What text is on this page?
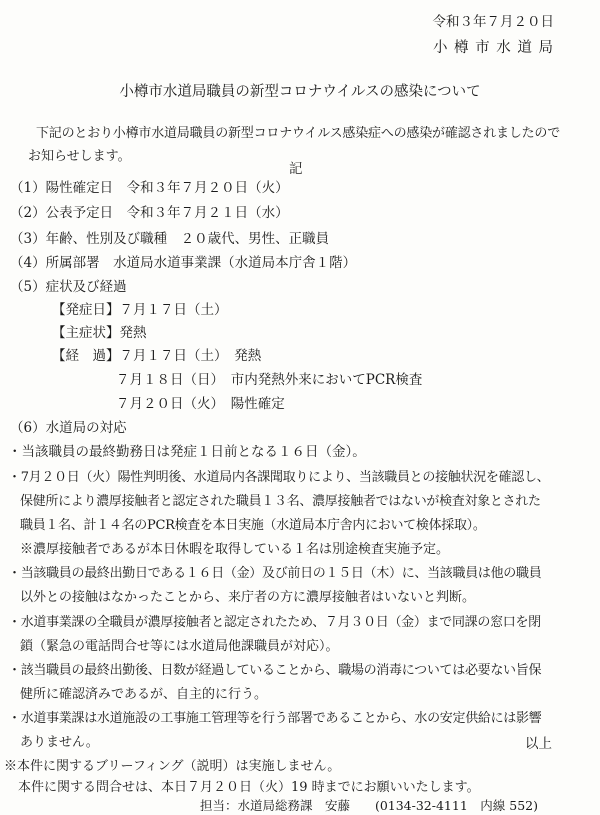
令和３年７月２０日
小 樽 市 水 道 局
小樽市水道局職員の新型コロナウイルスの感染について
下記のとおり小樽市水道局職員の新型コロナウイルス感染症への感染が確認されましたので
お知らせします。
記
（1）陽性確定日　令和３年７月２０日（火）
（2）公表予定日　令和３年７月２１日（水）
（3）年齢、性別及び職種　２０歳代、男性、正職員
（4）所属部署　水道局水道事業課（水道局本庁舎１階）
（5）症状及び経過
【発症日】７月１７日（土）
【主症状】発熱
【経　過】７月１７日（土）　発熱
７月１８日（日）　市内発熱外来においてPCR検査
７月２０日（火）　陽性確定
（6）水道局の対応
・当該職員の最終勤務日は発症１日前となる１６日（金）。
・7月２０日（火）陽性判明後、水道局内各課聞取りにより、当該職員との接触状況を確認し、
保健所により濃厚接触者と認定された職員１３名、濃厚接触者ではないが検査対象とされた
職員１名、計１４名のPCR検査を本日実施（水道局本庁舎内において検体採取）。
※濃厚接触者であるが本日休暇を取得している１名は別途検査実施予定。
・当該職員の最終出勤日である１６日（金）及び前日の１５日（木）に、当該職員は他の職員
以外との接触はなかったことから、来庁者の方に濃厚接触者はいないと判断。
・水道事業課の全職員が濃厚接触者と認定されたため、７月３０日（金）まで同課の窓口を閉
鎖（緊急の電話問合せ等には水道局他課職員が対応）。
・該当職員の最終出勤後、日数が経過していることから、職場の消毒については必要ない旨保
健所に確認済みであるが、自主的に行う。
・水道事業課は水道施設の工事施工管理等を行う部署であることから、水の安定供給には影響
ありません。	以上
※本件に関するブリーフィング（説明）は実施しません。
本件に関する問合せは、本日７月２０日（火）19 時までにお願いいたします。
担当：水道局総務課　安藤　　(0134-32-4111　内線 552)
